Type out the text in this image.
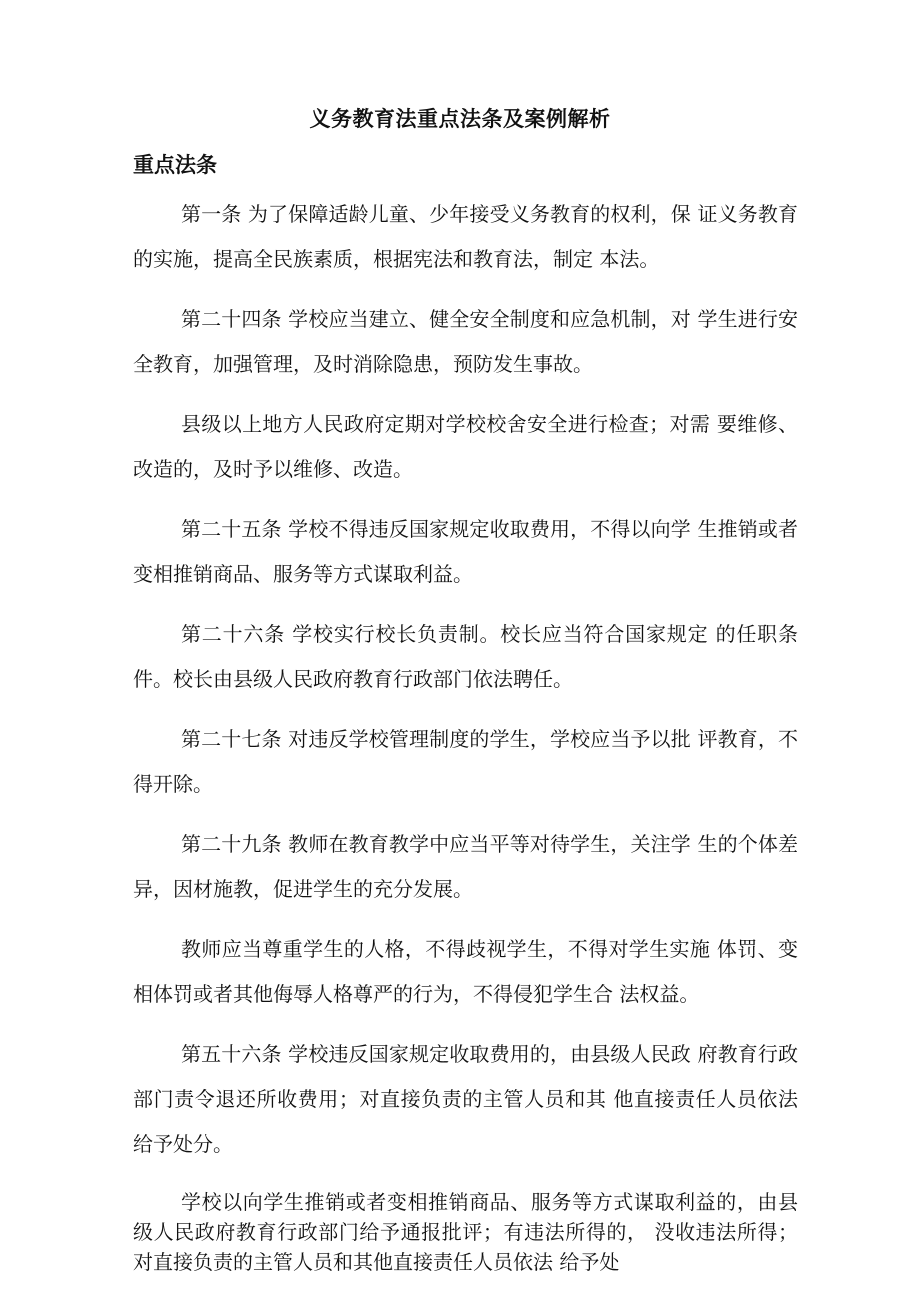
义务教育法重点法条及案例解析
重点法条

第一条 为了保障适龄儿童、少年接受义务教育的权利，保 证义务教育的实施，提高全民族素质，根据宪法和教育法，制定 本法。

第二十四条 学校应当建立、健全安全制度和应急机制，对 学生进行安全教育，加强管理，及时消除隐患，预防发生事故。

县级以上地方人民政府定期对学校校舍安全进行检查；对需 要维修、改造的，及时予以维修、改造。

第二十五条 学校不得违反国家规定收取费用，不得以向学 生推销或者变相推销商品、服务等方式谋取利益。

第二十六条 学校实行校长负责制。校长应当符合国家规定 的任职条件。校长由县级人民政府教育行政部门依法聘任。

第二十七条 对违反学校管理制度的学生，学校应当予以批 评教育，不得开除。

第二十九条 教师在教育教学中应当平等对待学生，关注学 生的个体差异，因材施教，促进学生的充分发展。

教师应当尊重学生的人格，不得歧视学生，不得对学生实施 体罚、变相体罚或者其他侮辱人格尊严的行为，不得侵犯学生合 法权益。

第五十六条 学校违反国家规定收取费用的，由县级人民政 府教育行政部门责令退还所收费用；对直接负责的主管人员和其 他直接责任人员依法给予处分。

学校以向学生推销或者变相推销商品、服务等方式谋取利益的，由县级人民政府教育行政部门给予通报批评；有违法所得的， 没收违法所得；对直接负责的主管人员和其他直接责任人员依法 给予处
